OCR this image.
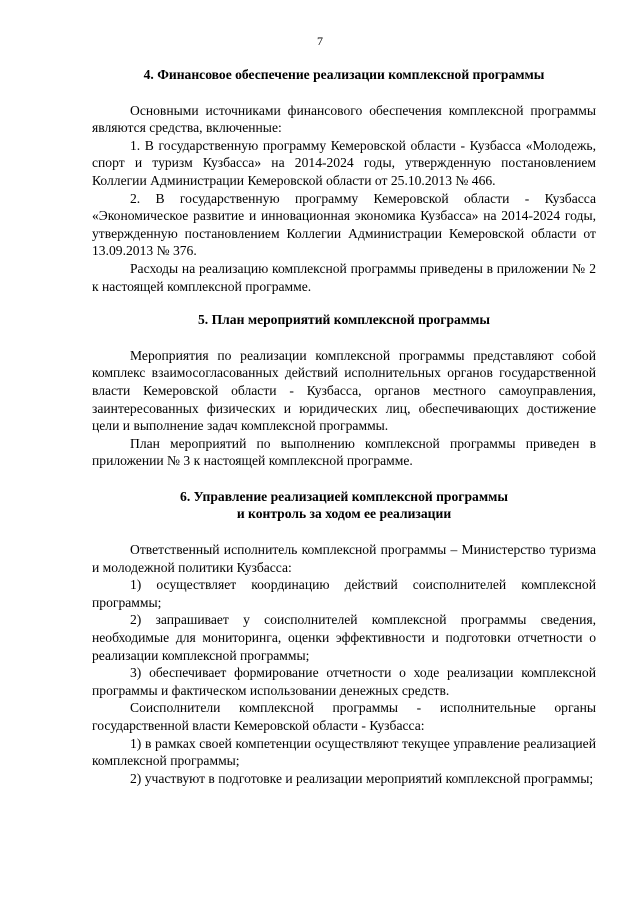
7

4. Финансовое обеспечение реализации комплексной программы

Основными источниками финансового обеспечения комплексной программы являются средства, включенные:

1. В государственную программу Кемеровской области - Кузбасса «Молодежь, спорт и туризм Кузбасса» на 2014-2024 годы, утвержденную постановлением Коллегии Администрации Кемеровской области от 25.10.2013 № 466.

2. В государственную программу Кемеровской области - Кузбасса «Экономическое развитие и инновационная экономика Кузбасса» на 2014-2024 годы, утвержденную постановлением Коллегии Администрации Кемеровской области от 13.09.2013 № 376.

Расходы на реализацию комплексной программы приведены в приложении № 2 к настоящей комплексной программе.

5. План мероприятий комплексной программы

Мероприятия по реализации комплексной программы представляют собой комплекс взаимосогласованных действий исполнительных органов государственной власти Кемеровской области - Кузбасса, органов местного самоуправления, заинтересованных физических и юридических лиц, обеспечивающих достижение цели и выполнение задач комплексной программы.

План мероприятий по выполнению комплексной программы приведен в приложении № 3 к настоящей комплексной программе.

6. Управление реализацией комплексной программы
и контроль за ходом ее реализации

Ответственный исполнитель комплексной программы – Министерство туризма и молодежной политики Кузбасса:

1) осуществляет координацию действий соисполнителей комплексной программы;

2) запрашивает у соисполнителей комплексной программы сведения, необходимые для мониторинга, оценки эффективности и подготовки отчетности о реализации комплексной программы;

3) обеспечивает формирование отчетности о ходе реализации комплексной программы и фактическом использовании денежных средств.

Соисполнители комплексной программы - исполнительные органы государственной власти Кемеровской области - Кузбасса:

1) в рамках своей компетенции осуществляют текущее управление реализацией комплексной программы;

2) участвуют в подготовке и реализации мероприятий комплексной программы;
